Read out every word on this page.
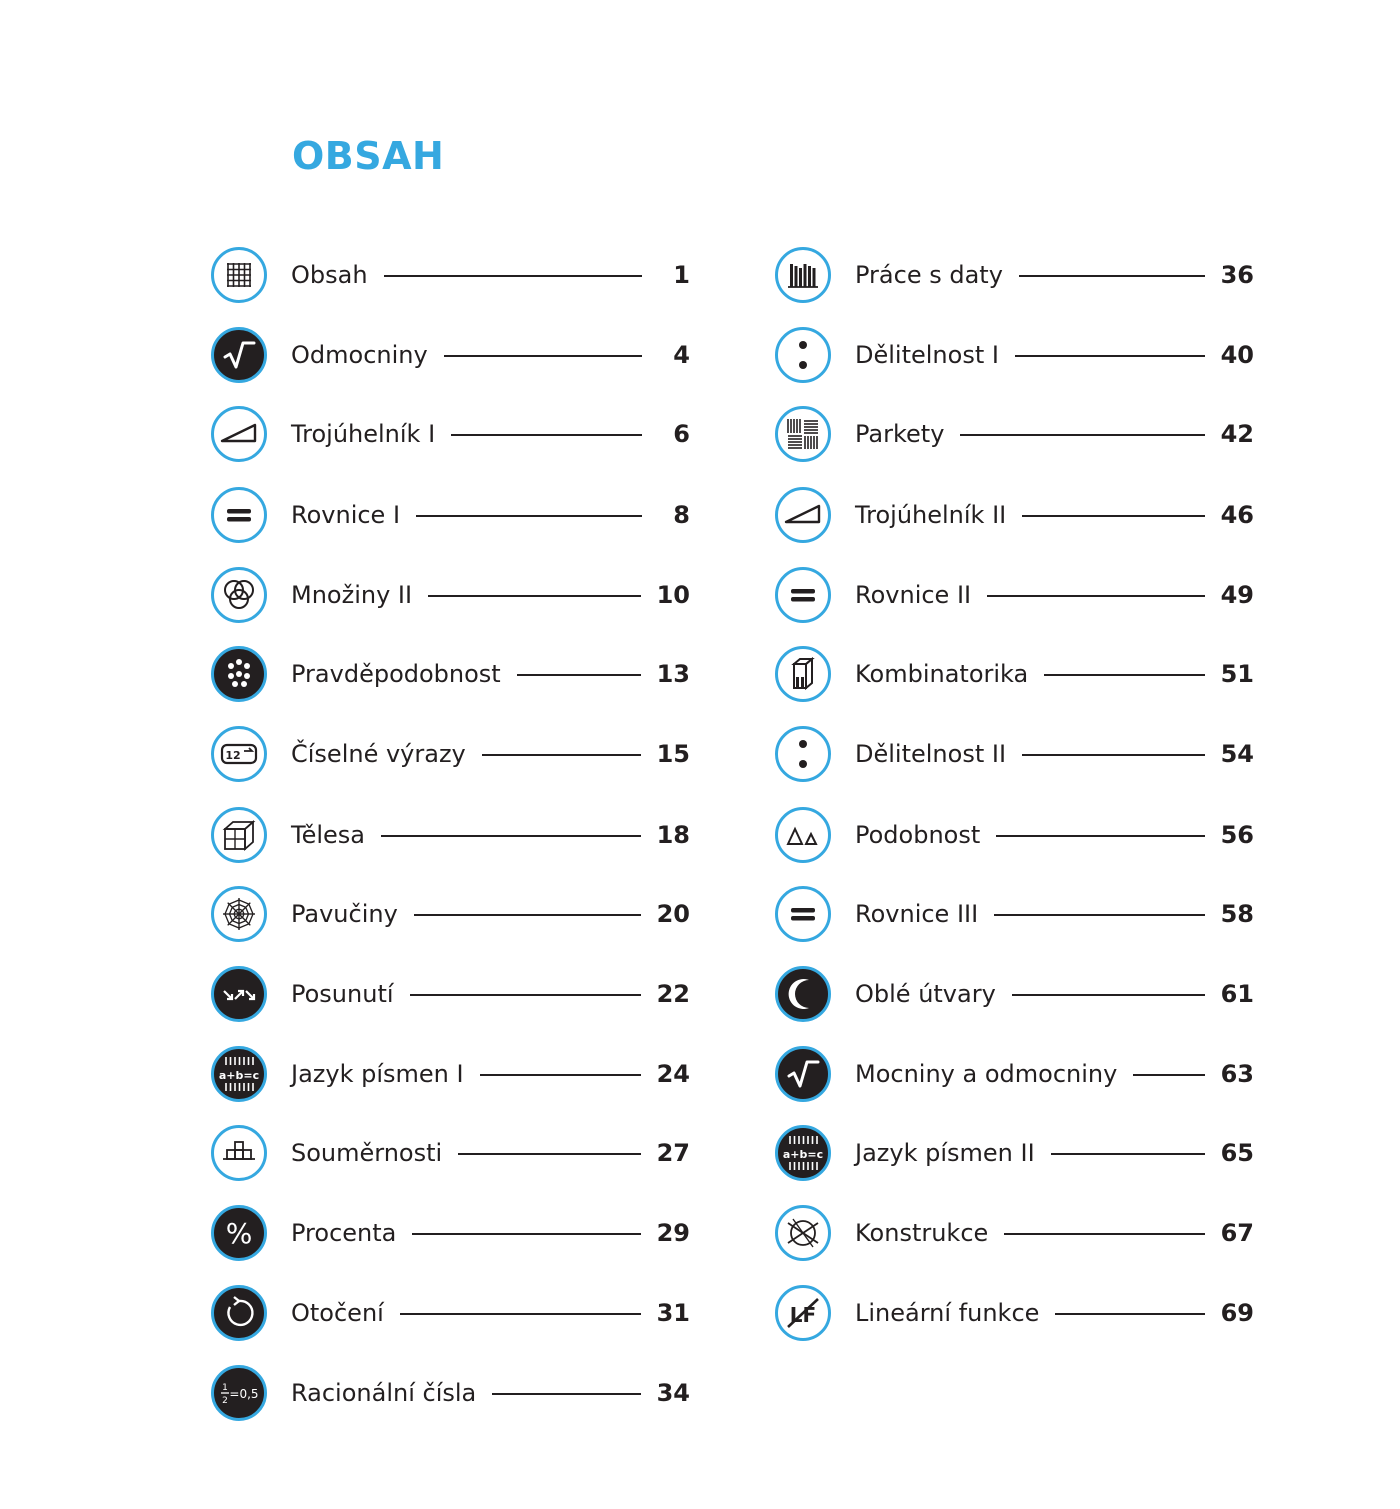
OBSAH
Obsah	1
Odmocniny	4
Trojúhelník I	6
Rovnice I	8
Množiny II	10
Pravděpodobnost	13
12 Číselné výrazy	15
Tělesa	18
Pavučiny	20
Posunutí	22
a+b=c Jazyk písmen I	24
Souměrnosti	27
% Procenta	29
Otočení	31
1
2 =0,5 Racionální čísla	34
Práce s daty	36
Dělitelnost I	40
Parkety	42
Trojúhelník II	46
Rovnice II	49
Kombinatorika	51
Dělitelnost II	54
Podobnost	56
Rovnice III	58
Oblé útvary	61
Mocniny a odmocniny	63
a+b=c Jazyk písmen II	65
Konstrukce	67
LF Lineární funkce	69
